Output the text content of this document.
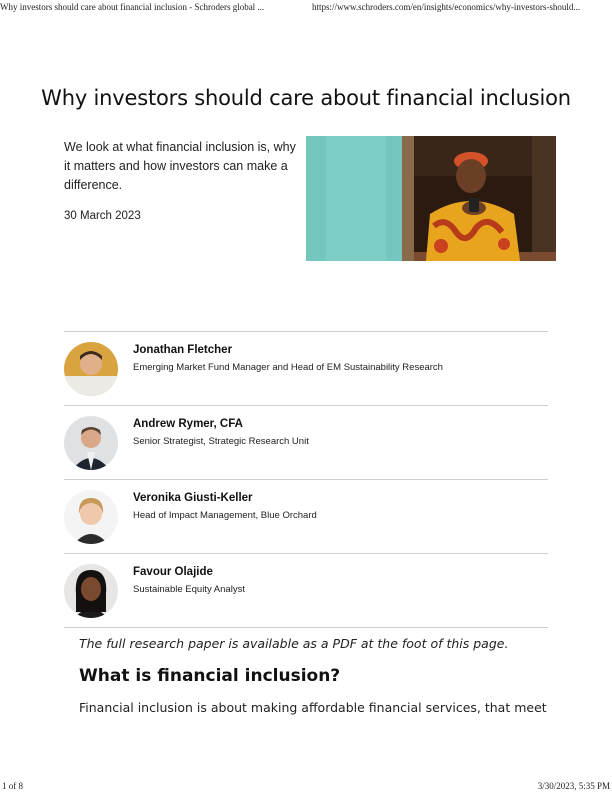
Why investors should care about financial inclusion - Schroders global ...	https://www.schroders.com/en/insights/economics/why-investors-should...
Why investors should care about financial inclusion

We look at what financial inclusion is, why it matters and how investors can make a difference.

30 March 2023
Jonathan Fletcher
Emerging Market Fund Manager and Head of EM Sustainability Research
Andrew Rymer, CFA
Senior Strategist, Strategic Research Unit
Veronika Giusti-Keller
Head of Impact Management, Blue Orchard
Favour Olajide
Sustainable Equity Analyst

The full research paper is available as a PDF at the foot of this page.

What is financial inclusion?

Financial inclusion is about making affordable financial services, that meet

1 of 8	3/30/2023, 5:35 PM
